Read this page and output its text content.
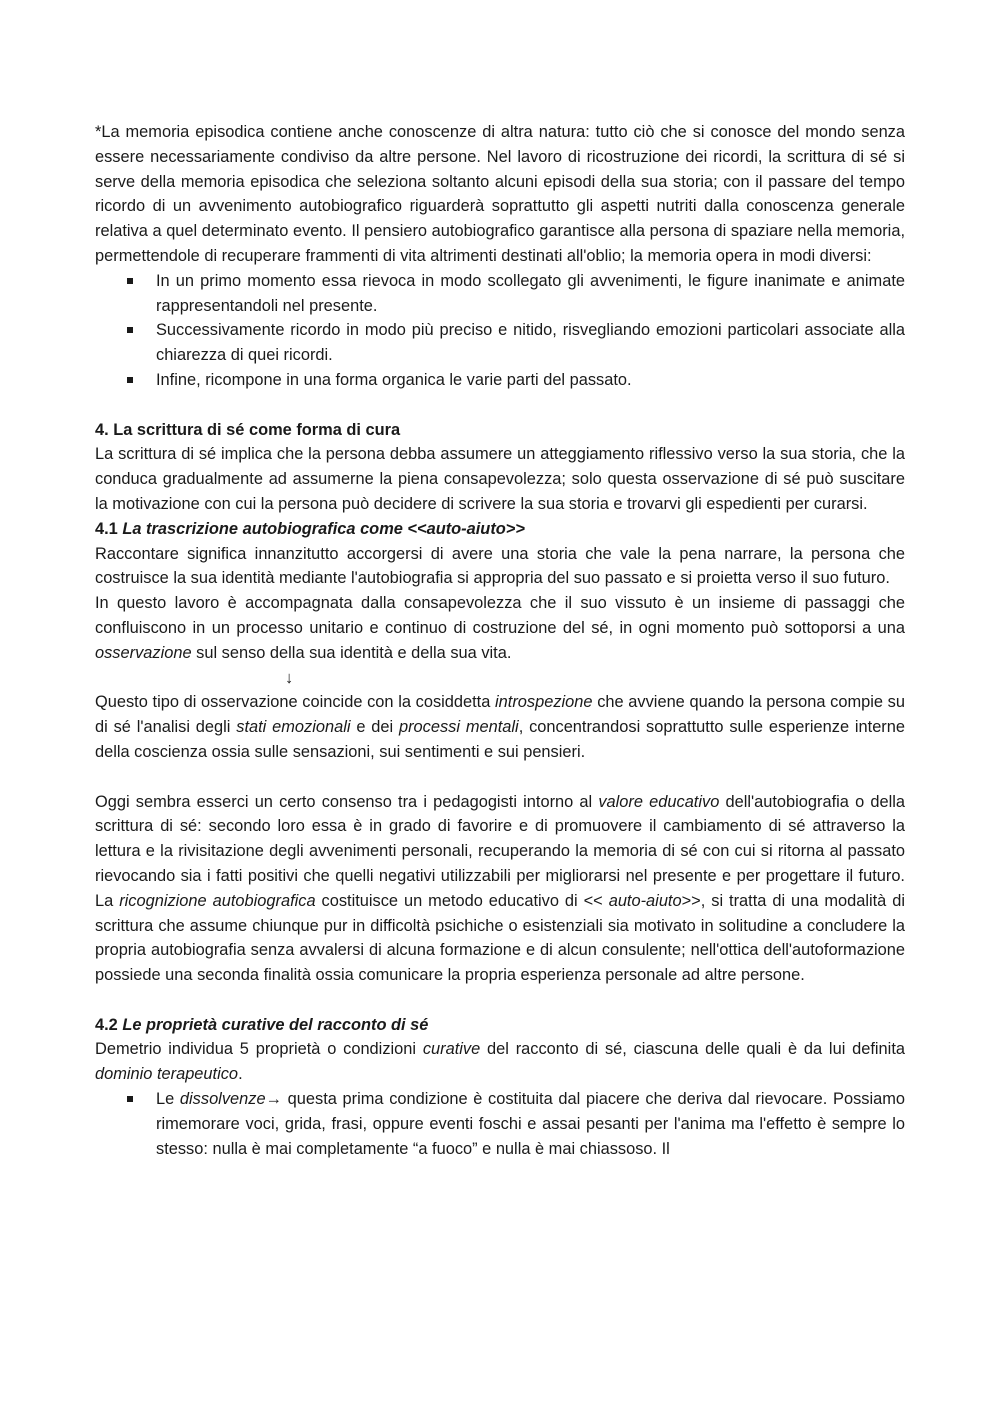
*La memoria episodica contiene anche conoscenze di altra natura: tutto ciò che si conosce del mondo senza essere necessariamente condiviso da altre persone. Nel lavoro di ricostruzione dei ricordi, la scrittura di sé si serve della memoria episodica che seleziona soltanto alcuni episodi della sua storia; con il passare del tempo ricordo di un avvenimento autobiografico riguarderà soprattutto gli aspetti nutriti dalla conoscenza generale relativa a quel determinato evento. Il pensiero autobiografico garantisce alla persona di spaziare nella memoria, permettendole di recuperare frammenti di vita altrimenti destinati all'oblio; la memoria opera in modi diversi:

In un primo momento essa rievoca in modo scollegato gli avvenimenti, le figure inanimate e animate rappresentandoli nel presente.
Successivamente ricordo in modo più preciso e nitido, risvegliando emozioni particolari associate alla chiarezza di quei ricordi.
Infine, ricompone in una forma organica le varie parti del passato.
4. La scrittura di sé come forma di cura

La scrittura di sé implica che la persona debba assumere un atteggiamento riflessivo verso la sua storia, che la conduca gradualmente ad assumerne la piena consapevolezza; solo questa osservazione di sé può suscitare la motivazione con cui la persona può decidere di scrivere la sua storia e trovarvi gli espedienti per curarsi.

4.1 La trascrizione autobiografica come <<auto-aiuto>>

Raccontare significa innanzitutto accorgersi di avere una storia che vale la pena narrare, la persona che costruisce la sua identità mediante l'autobiografia si appropria del suo passato e si proietta verso il suo futuro.

In questo lavoro è accompagnata dalla consapevolezza che il suo vissuto è un insieme di passaggi che confluiscono in un processo unitario e continuo di costruzione del sé, in ogni momento può sottoporsi a una osservazione sul senso della sua identità e della sua vita.

↓

Questo tipo di osservazione coincide con la cosiddetta introspezione che avviene quando la persona compie su di sé l'analisi degli stati emozionali e dei processi mentali, concentrandosi soprattutto sulle esperienze interne della coscienza ossia sulle sensazioni, sui sentimenti e sui pensieri.

Oggi sembra esserci un certo consenso tra i pedagogisti intorno al valore educativo dell'autobiografia o della scrittura di sé: secondo loro essa è in grado di favorire e di promuovere il cambiamento di sé attraverso la lettura e la rivisitazione degli avvenimenti personali, recuperando la memoria di sé con cui si ritorna al passato rievocando sia i fatti positivi che quelli negativi utilizzabili per migliorarsi nel presente e per progettare il futuro. La ricognizione autobiografica costituisce un metodo educativo di << auto-aiuto>>, si tratta di una modalità di scrittura che assume chiunque pur in difficoltà psichiche o esistenziali sia motivato in solitudine a concludere la propria autobiografia senza avvalersi di alcuna formazione e di alcun consulente; nell'ottica dell'autoformazione possiede una seconda finalità ossia comunicare la propria esperienza personale ad altre persone.

4.2 Le proprietà curative del racconto di sé

Demetrio individua 5 proprietà o condizioni curative del racconto di sé, ciascuna delle quali è da lui definita dominio terapeutico.

Le dissolvenze→ questa prima condizione è costituita dal piacere che deriva dal rievocare. Possiamo rimemorare voci, grida, frasi, oppure eventi foschi e assai pesanti per l'anima ma l'effetto è sempre lo stesso: nulla è mai completamente “a fuoco” e nulla è mai chiassoso. Il
